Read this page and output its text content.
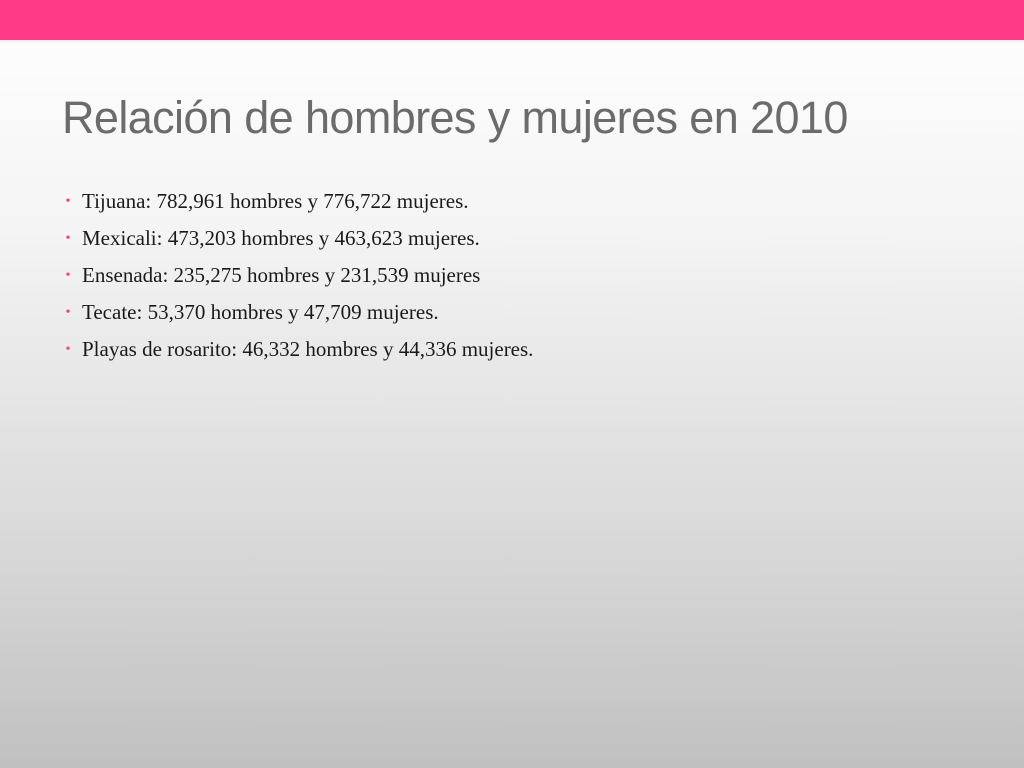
Relación de hombres y mujeres en 2010
• Tijuana: 782,961 hombres y 776,722 mujeres.
• Mexicali: 473,203 hombres y 463,623 mujeres.
• Ensenada: 235,275 hombres y 231,539 mujeres
• Tecate: 53,370 hombres y 47,709 mujeres.
• Playas de rosarito: 46,332 hombres y 44,336 mujeres.
